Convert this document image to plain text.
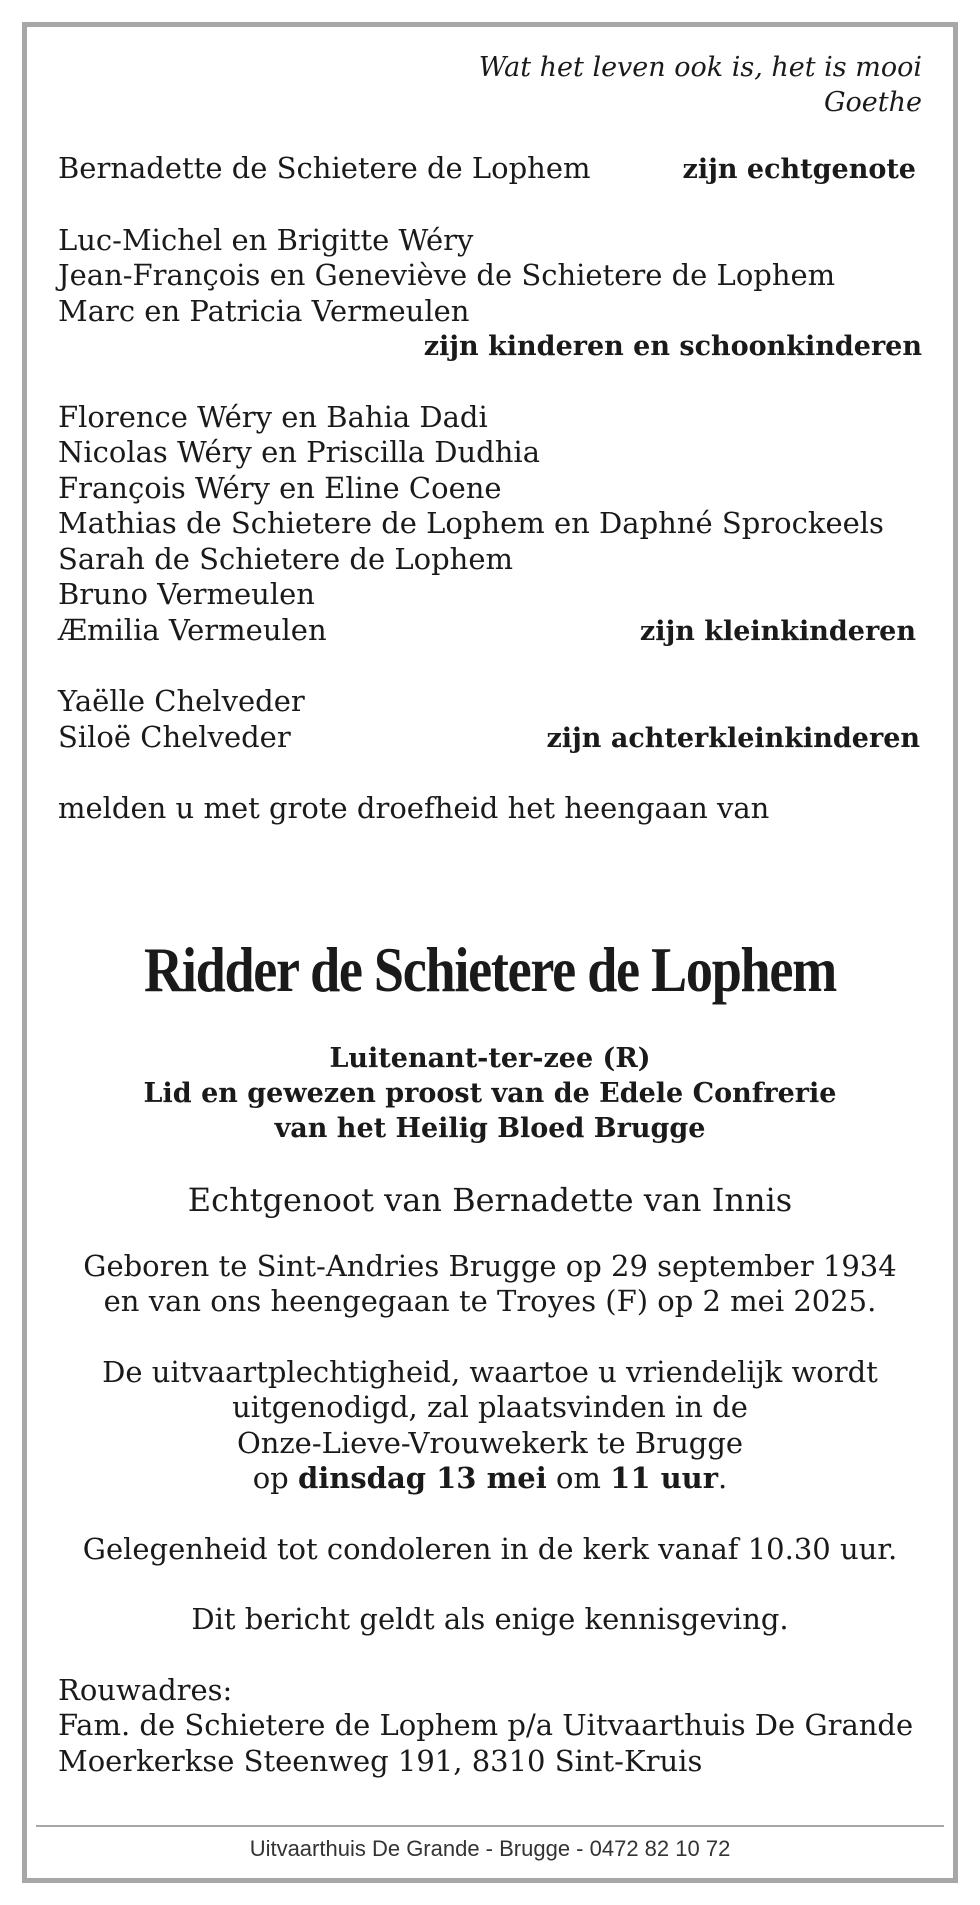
Wat het leven ook is, het is mooi
Goethe
Bernadette de Schietere de Lophem	zijn echtgenote
Luc-Michel en Brigitte Wéry
Jean-François en Geneviève de Schietere de Lophem
Marc en Patricia Vermeulen
zijn kinderen en schoonkinderen
Florence Wéry en Bahia Dadi
Nicolas Wéry en Priscilla Dudhia
François Wéry en Eline Coene
Mathias de Schietere de Lophem en Daphné Sprockeels
Sarah de Schietere de Lophem
Bruno Vermeulen
Æmilia Vermeulen	zijn kleinkinderen
Yaëlle Chelveder
Siloë Chelveder	zijn achterkleinkinderen
melden u met grote droefheid het heengaan van
Ridder de Schietere de Lophem
Luitenant-ter-zee (R)
Lid en gewezen proost van de Edele Confrerie
van het Heilig Bloed Brugge
Echtgenoot van Bernadette van Innis
Geboren te Sint-Andries Brugge op 29 september 1934
en van ons heengegaan te Troyes (F) op 2 mei 2025.
De uitvaartplechtigheid, waartoe u vriendelijk wordt
uitgenodigd, zal plaatsvinden in de
Onze-Lieve-Vrouwekerk te Brugge
op dinsdag 13 mei om 11 uur.
Gelegenheid tot condoleren in de kerk vanaf 10.30 uur.
Dit bericht geldt als enige kennisgeving.
Rouwadres:
Fam. de Schietere de Lophem p/a Uitvaarthuis De Grande
Moerkerkse Steenweg 191, 8310 Sint-Kruis
Uitvaarthuis De Grande - Brugge - 0472 82 10 72
